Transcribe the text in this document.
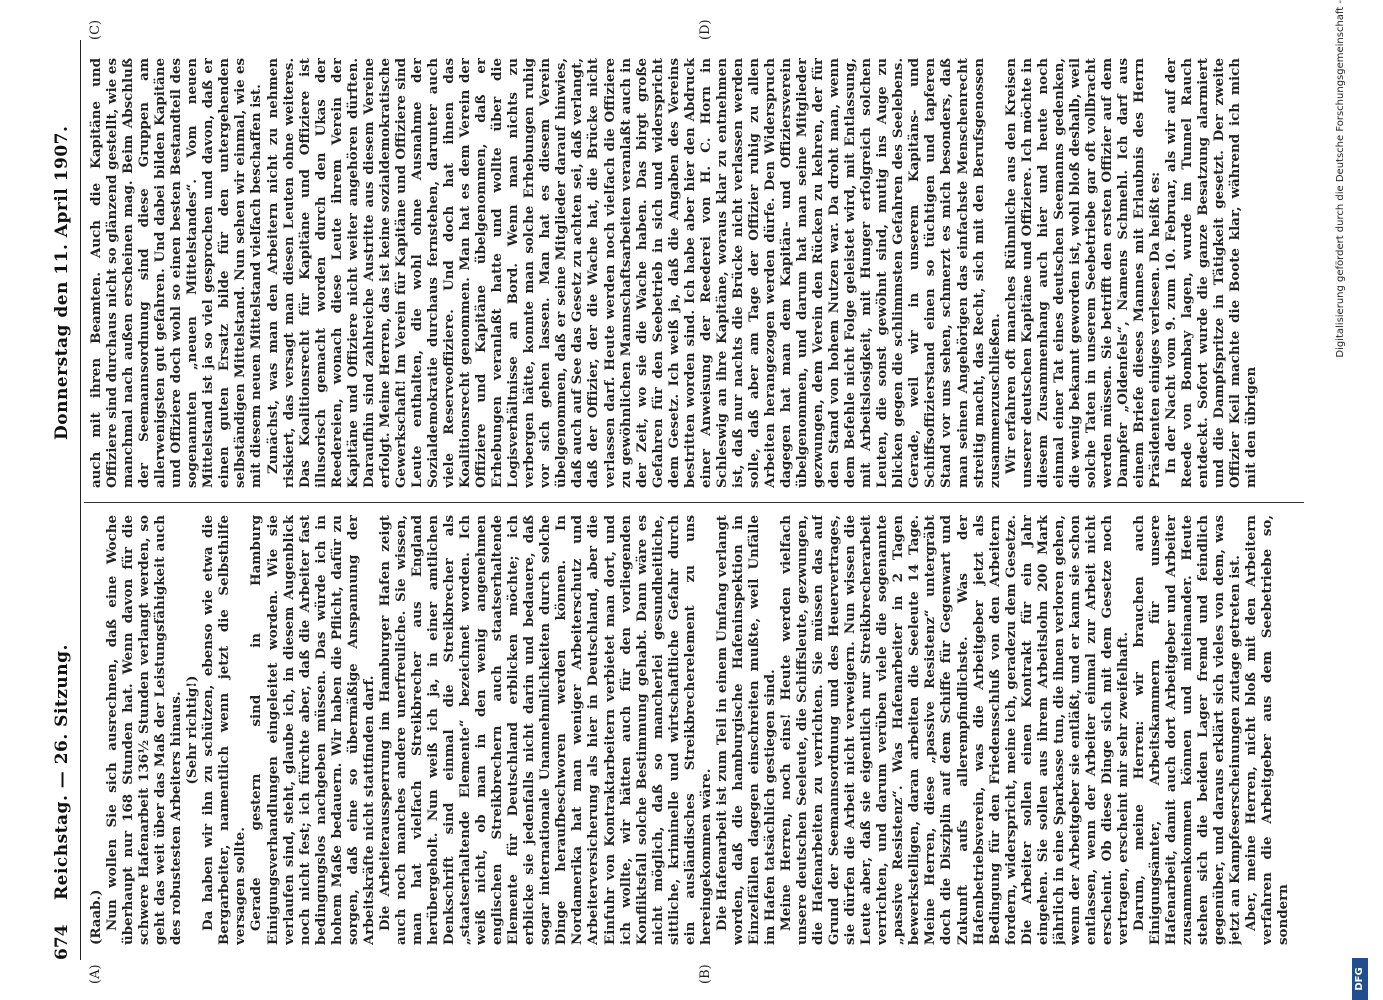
674
Reichstag. — 26. Sitzung.
Donnerstag den 11. April 1907.
(A)	(B)
(C)	(D)

(Raab.) Nun wollen Sie sich ausrechnen, daß eine Woche überhaupt nur 168 Stunden hat. Wenn davon für die schwere Hafenarbeit 136½ Stunden verlangt werden, so geht das weit über das Maß der Leistungsfähigkeit auch des robustesten Arbeiters hinaus. (Sehr richtig!) Da haben wir ihn zu schützen, ebenso wie etwa die Bergarbeiter, namentlich wenn jetzt die Selbsthilfe versagen sollte. Gerade gestern sind in Hamburg Einigungsverhandlungen eingeleitet worden. Wie sie verlaufen sind, steht, glaube ich, in diesem Augenblick noch nicht fest; ich fürchte aber, daß die Arbeiter fast bedingungslos nachgeben müssen. Das würde ich in hohem Maße bedauern. Wir haben die Pflicht, dafür zu sorgen, daß eine so übermäßige Anspannung der Arbeitskräfte nicht stattfinden darf. Die Arbeiteraussperrung im Hamburger Hafen zeigt auch noch manches andere unerfreuliche. Sie wissen, man hat vielfach Streikbrecher aus England herübergeholt. Nun weiß ich ja, in einer amtlichen Denkschrift sind einmal die Streikbrecher als „staatserhaltende Elemente“ bezeichnet worden. Ich weiß nicht, ob man in den wenig angenehmen englischen Streikbrechern auch staatserhaltende Elemente für Deutschland erblicken möchte; ich erblicke sie jedenfalls nicht darin und bedauere, daß sogar internationale Unannehmlichkeiten durch solche Dinge heraufbeschworen werden können. In Nordamerika hat man weniger Arbeiterschutz und Arbeiterversicherung als hier in Deutschland, aber die Einfuhr von Kontraktarbeitern verbietet man dort, und ich wollte, wir hätten auch für den vorliegenden Konfliktsfall solche Bestimmung gehabt. Dann wäre es nicht möglich, daß so mancherlei gesundheitliche, sittliche, kriminelle und wirtschaftliche Gefahr durch ein ausländisches Streikbrecherelement zu uns hereingekommen wäre. Die Hafenarbeit ist zum Teil in einem Umfang verlangt worden, daß die hamburgische Hafeninspektion in Einzelfällen dagegen einschreiten mußte, weil Unfälle im Hafen tatsächlich gestiegen sind. Meine Herren, noch eins! Heute werden vielfach unsere deutschen Seeleute, die Schiffsleute, gezwungen, die Hafenarbeiten zu verrichten. Sie müssen das auf Grund der Seemannsordnung und des Heuervertrages, sie dürfen die Arbeit nicht verweigern. Nun wissen die Leute aber, daß sie eigentlich nur Streikbrecherarbeit verrichten, und darum verüben viele die sogenannte „passive Resistenz“. Was Hafenarbeiter in 2 Tagen bewerkstelligen, daran arbeiten die Seeleute 14 Tage. Meine Herren, diese „passive Resistenz“ untergräbt doch die Disziplin auf dem Schiffe für Gegenwart und Zukunft aufs allerempfindlichste. Was der Hafenbetriebsverein, was die Arbeitgeber jetzt als Bedingung für den Friedensschluß von den Arbeitern fordern, widerspricht, meine ich, geradezu dem Gesetze. Die Arbeiter sollen einen Kontrakt für ein Jahr eingehen. Sie sollen aus ihrem Arbeitslohn 200 Mark jährlich in eine Sparkasse tun, die ihnen verloren gehen, wenn der Arbeitgeber sie entläßt, und er kann sie schon entlassen, wenn der Arbeiter einmal zur Arbeit nicht erscheint. Ob diese Dinge sich mit dem Gesetze noch vertragen, erscheint mir sehr zweifelhaft. Darum, meine Herren: wir brauchen auch Einigungsämter, Arbeitskammern für unsere Hafenarbeit, damit auch dort Arbeitgeber und Arbeiter zusammenkommen können und miteinander. Heute stehen sich die beiden Lager fremd und feindlich gegenüber, und daraus erklärt sich vieles von dem, was jetzt an Kampfeserscheinungen zutage getreten ist. Aber, meine Herren, nicht bloß mit den Arbeitern verfahren die Arbeitgeber aus dem Seebetriebe so, sondern

auch mit ihren Beamten. Auch die Kapitäne und Offiziere sind durchaus nicht so glänzend gestellt, wie es manchmal nach außen erscheinen mag. Beim Abschluß der Seemannsordnung sind diese Gruppen am allerwenigsten gut gefahren. Und dabei bilden Kapitäne und Offiziere doch wohl so einen besten Bestandteil des sogenannten „neuen Mittelstandes“. Vom neuen Mittelstand ist ja so viel gesprochen und davon, daß er einen guten Ersatz bilde für den untergehenden selbständigen Mittelstand. Nun sehen wir einmal, wie es mit diesem neuen Mittelstand vielfach beschaffen ist. Zunächst, was man den Arbeitern nicht zu nehmen riskiert, das versagt man diesen Leuten ohne weiteres. Das Koalitionsrecht für Kapitäne und Offiziere ist illusorisch gemacht worden durch den Ukas der Reedereien, wonach diese Leute ihrem Verein der Kapitäne und Offiziere nicht weiter angehören dürften. Daraufhin sind zahlreiche Austritte aus diesem Vereine erfolgt. Meine Herren, das ist keine sozialdemokratische Gewerkschaft! Im Verein für Kapitäne und Offiziere sind Leute enthalten, die wohl ohne Ausnahme der Sozialdemokratie durchaus fernstehen, darunter auch viele Reserveoffiziere. Und doch hat ihnen das Koalitionsrecht genommen. Man hat es dem Verein der Offiziere und Kapitäne übelgenommen, daß er Erhebungen veranlaßt hatte und wollte über die Logisverhältnisse an Bord. Wenn man nichts zu verbergen hätte, konnte man solche Erhebungen ruhig vor sich gehen lassen. Man hat es diesem Verein übelgenommen, daß er seine Mitglieder darauf hinwies, daß auch auf See das Gesetz zu achten sei, daß verlangt, daß der Offizier, der die Wache hat, die Brücke nicht verlassen darf. Heute werden noch vielfach die Offiziere zu gewöhnlichen Mannschaftsarbeiten veranlaßt auch in der Zeit, wo sie die Wache haben. Das birgt große Gefahren für den Seebetrieb in sich und widerspricht dem Gesetz. Ich weiß ja, daß die Angaben des Vereins bestritten worden sind. Ich habe aber hier den Abdruck einer Anweisung der Reederei von H. C. Horn in Schleswig an ihre Kapitäne, woraus klar zu entnehmen ist, daß nur nachts die Brücke nicht verlassen werden solle, daß aber am Tage der Offizier ruhig zu allen Arbeiten herangezogen werden dürfe. Den Widerspruch dagegen hat man dem Kapitän- und Offiziersverein übelgenommen, und darum hat man seine Mitglieder gezwungen, dem Verein den Rücken zu kehren, der für den Stand von hohem Nutzen war. Da droht man, wenn dem Befehle nicht Folge geleistet wird, mit Entlassung, mit Arbeitslosigkeit, mit Hunger erfolgreich solchen Leuten, die sonst gewöhnt sind, mutig ins Auge zu blicken gegen die schlimmsten Gefahren des Seelebens. Gerade, weil wir in unserem Kapitäns- und Schiffsoffizierstand einen so tüchtigen und tapferen Stand vor uns sehen, schmerzt es mich besonders, daß man seinen Angehörigen das einfachste Menschenrecht streitig macht, das Recht, sich mit den Berufsgenossen zusammenzuschließen. Wir erfahren oft manches Rühmliche aus den Kreisen unserer deutschen Kapitäne und Offiziere. Ich möchte in diesem Zusammenhang auch hier und heute noch einmal einer Tat eines deutschen Seemanns gedenken, die wenig bekannt geworden ist, wohl bloß deshalb, weil solche Taten in unserem Seebetriebe gar oft vollbracht werden müssen. Sie betrifft den ersten Offizier auf dem Dampfer „Oldenfels“, Namens Schmehl. Ich darf aus einem Briefe dieses Mannes mit Erlaubnis des Herrn Präsidenten einiges verlesen. Da heißt es: In der Nacht vom 9. zum 10. Februar, als wir auf der Reede von Bombay lagen, wurde im Tunnel Rauch entdeckt. Sofort wurde die ganze Besatzung alarmiert und die Dampfspritze in Tätigkeit gesetzt. Der zweite Offizier Keil machte die Boote klar, während ich mich mit den übrigen

Digitalisierung gefördert durch die Deutsche Forschungsgemeinschaft -
DFG
